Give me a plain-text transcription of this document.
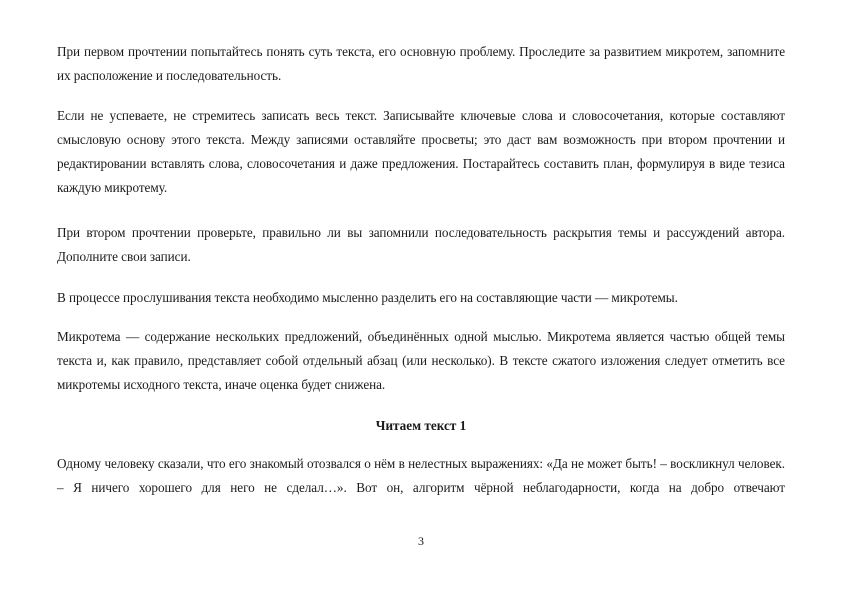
При первом прочтении попытайтесь понять суть текста, его основную проблему. Проследите за развитием микротем, запомните их расположение и последовательность.

Если не успеваете, не стремитесь записать весь текст. Записывайте ключевые слова и словосочетания, которые составляют смысловую основу этого текста. Между записями оставляйте просветы; это даст вам возможность при втором прочтении и редактировании вставлять слова, словосочетания и даже предложения. Постарайтесь составить план, формулируя в виде тезиса каждую микротему.

При втором прочтении проверьте, правильно ли вы запомнили последовательность раскрытия темы и рассуждений автора. Дополните свои записи.

В процессе прослушивания текста необходимо мысленно разделить его на составляющие части — микротемы.

Микротема — содержание нескольких предложений, объединённых одной мыслью. Микротема является частью общей темы текста и, как правило, представляет собой отдельный абзац (или несколько). В тексте сжатого изложения следует отметить все микротемы исходного текста, иначе оценка будет снижена.

Читаем текст 1

Одному человеку сказали, что его знакомый отозвался о нём в нелестных выражениях: «Да не может быть! – воскликнул человек. – Я ничего хорошего для него не сделал…». Вот он, алгоритм чёрной неблагодарности, когда на добро отвечают

3
